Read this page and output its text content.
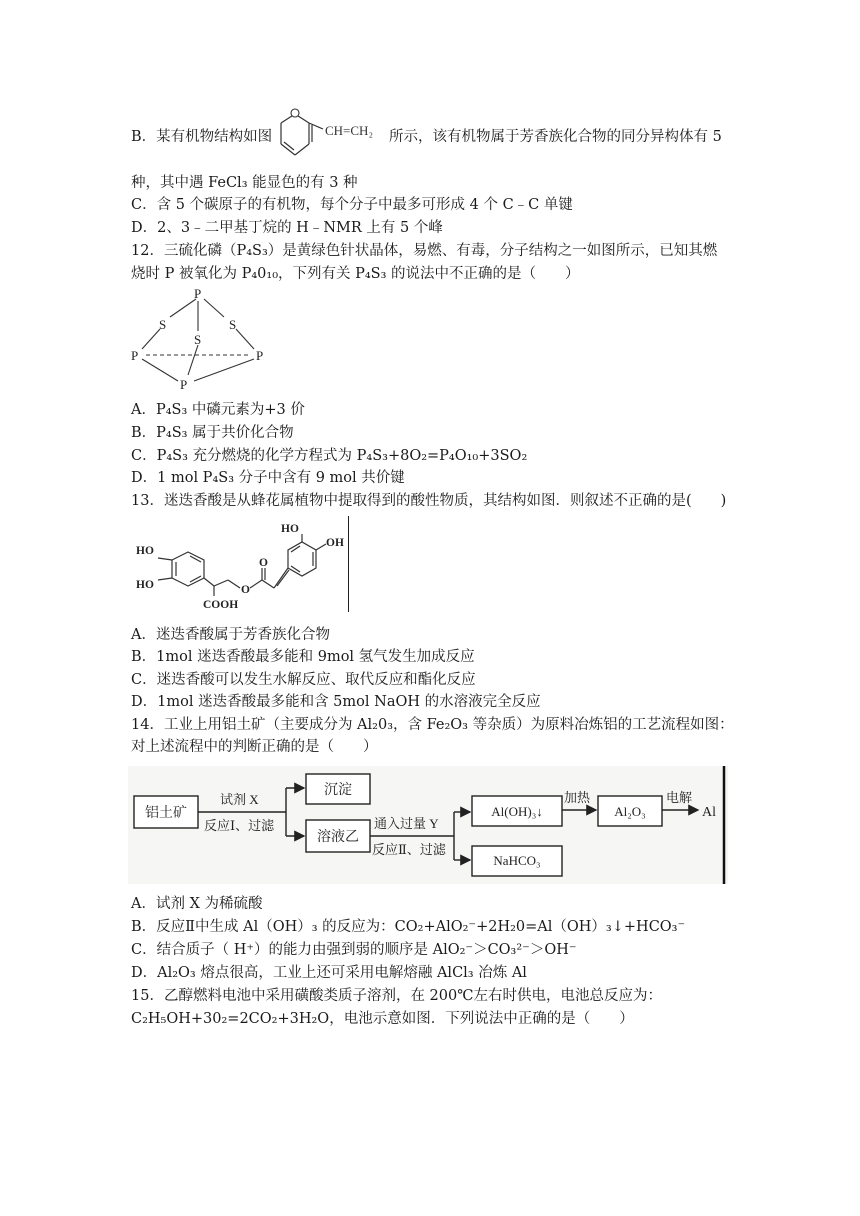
B．某有机物结构如图	CH=CH₂ 所示，该有机物属于芳香族化合物的同分异构体有 5
种，其中遇 FeCl₃ 能显色的有 3 种
C．含 5 个碳原子的有机物，每个分子中最多可形成 4 个 C﹣C 单键
D．2、3﹣二甲基丁烷的 H﹣NMR 上有 5 个峰
12．三硫化磷（P₄S₃）是黄绿色针状晶体，易燃、有毒，分子结构之一如图所示，已知其燃
烧时 P 被氧化为 P₄0₁₀，下列有关 P₄S₃ 的说法中不正确的是（　　）
P
S	S
S
P	P
P
A．P₄S₃ 中磷元素为+3 价
B．P₄S₃ 属于共价化合物
C．P₄S₃ 充分燃烧的化学方程式为 P₄S₃+8O₂=P₄O₁₀+3SO₂
D．1 mol P₄S₃ 分子中含有 9 mol 共价键
13．迷迭香酸是从蜂花属植物中提取得到的酸性物质，其结构如图．则叙述不正确的是(　　)
HO
HO
COOH
O
O
HO
OH
A．迷迭香酸属于芳香族化合物
B．1mol 迷迭香酸最多能和 9mol 氢气发生加成反应
C．迷迭香酸可以发生水解反应、取代反应和酯化反应
D．1mol 迷迭香酸最多能和含 5mol NaOH 的水溶液完全反应
14．工业上用铝土矿（主要成分为 Al₂0₃，含 Fe₂O₃ 等杂质）为原料冶炼铝的工艺流程如图：
对上述流程中的判断正确的是（　　）
铝土矿
试剂 X
反应Ⅰ、过滤
沉淀
溶液乙
通入过量 Y
反应Ⅱ、过滤
Al(OH)₃↓
NaHCO₃
加热
Al₂O₃
电解
Al
A．试剂 X 为稀硫酸
B．反应Ⅱ中生成 Al（OH）₃ 的反应为：CO₂+AlO₂⁻+2H₂0=Al（OH）₃↓+HCO₃⁻
C．结合质子（ H⁺）的能力由强到弱的顺序是 AlO₂⁻＞CO₃²⁻＞OH⁻
D．Al₂O₃ 熔点很高，工业上还可采用电解熔融 AlCl₃ 冶炼 Al
15．乙醇燃料电池中采用磺酸类质子溶剂，在 200℃左右时供电，电池总反应为：
C₂H₅OH+30₂=2CO₂+3H₂O，电池示意如图．下列说法中正确的是（　　）
